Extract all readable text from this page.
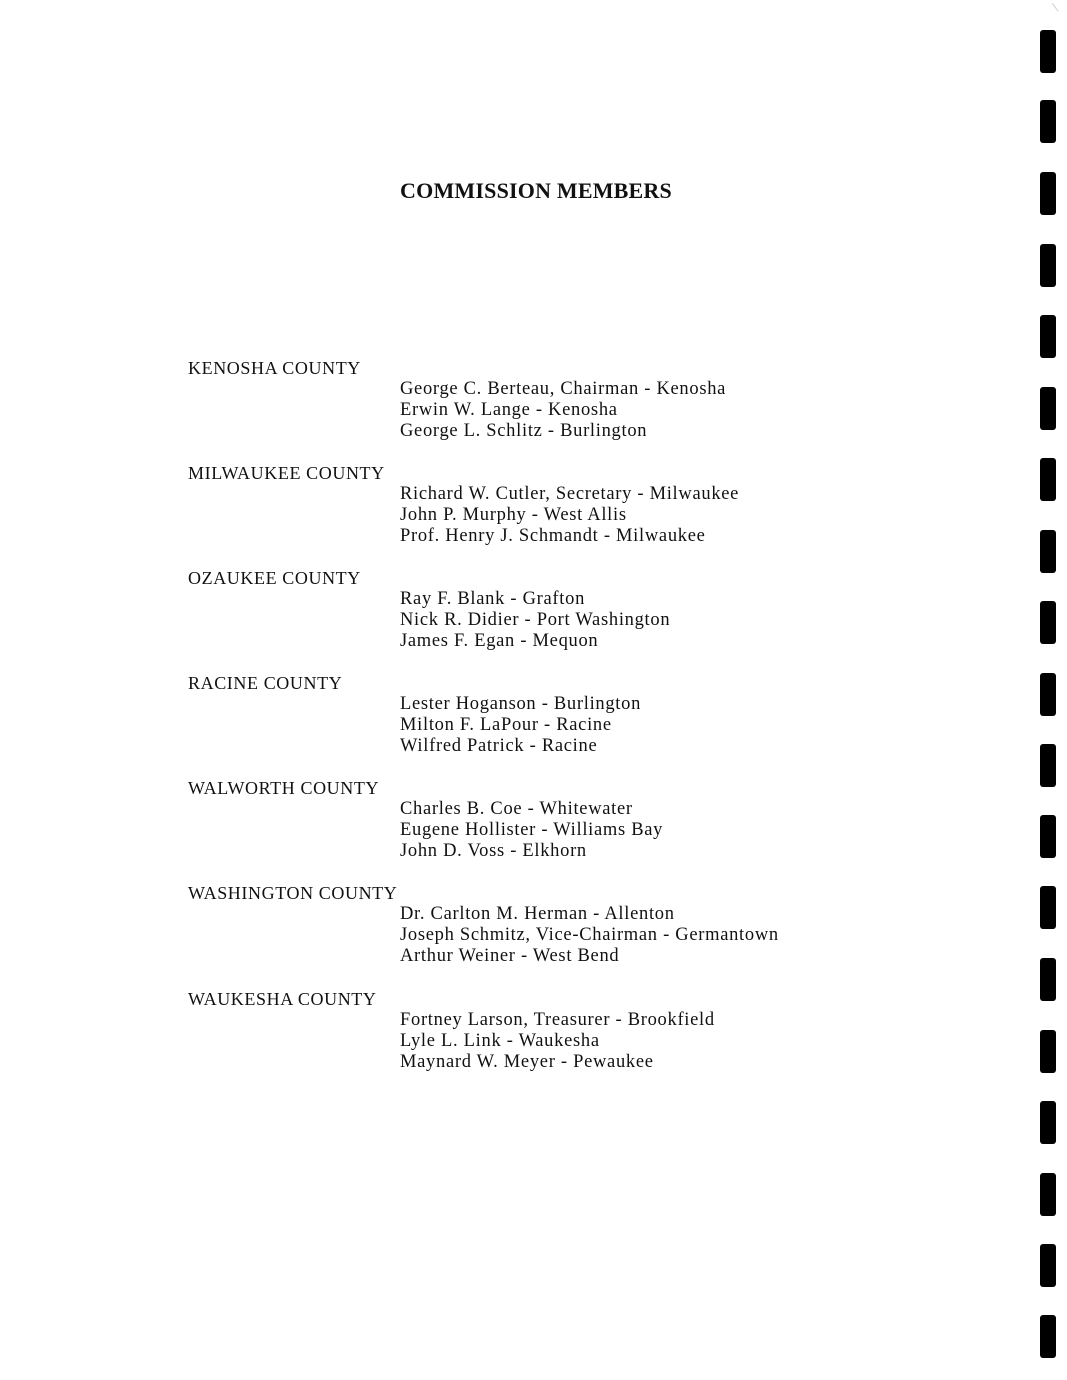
COMMISSION MEMBERS
KENOSHA COUNTY
George C. Berteau, Chairman - Kenosha
Erwin W. Lange - Kenosha
George L. Schlitz - Burlington
MILWAUKEE COUNTY
Richard W. Cutler, Secretary - Milwaukee
John P. Murphy - West Allis
Prof. Henry J. Schmandt - Milwaukee
OZAUKEE COUNTY
Ray F. Blank - Grafton
Nick R. Didier - Port Washington
James F. Egan - Mequon
RACINE COUNTY
Lester Hoganson - Burlington
Milton F. LaPour - Racine
Wilfred Patrick - Racine
WALWORTH COUNTY
Charles B. Coe - Whitewater
Eugene Hollister - Williams Bay
John D. Voss - Elkhorn
WASHINGTON COUNTY
Dr. Carlton M. Herman - Allenton
Joseph Schmitz, Vice-Chairman - Germantown
Arthur Weiner - West Bend
WAUKESHA COUNTY
Fortney Larson, Treasurer - Brookfield
Lyle L. Link - Waukesha
Maynard W. Meyer - Pewaukee
